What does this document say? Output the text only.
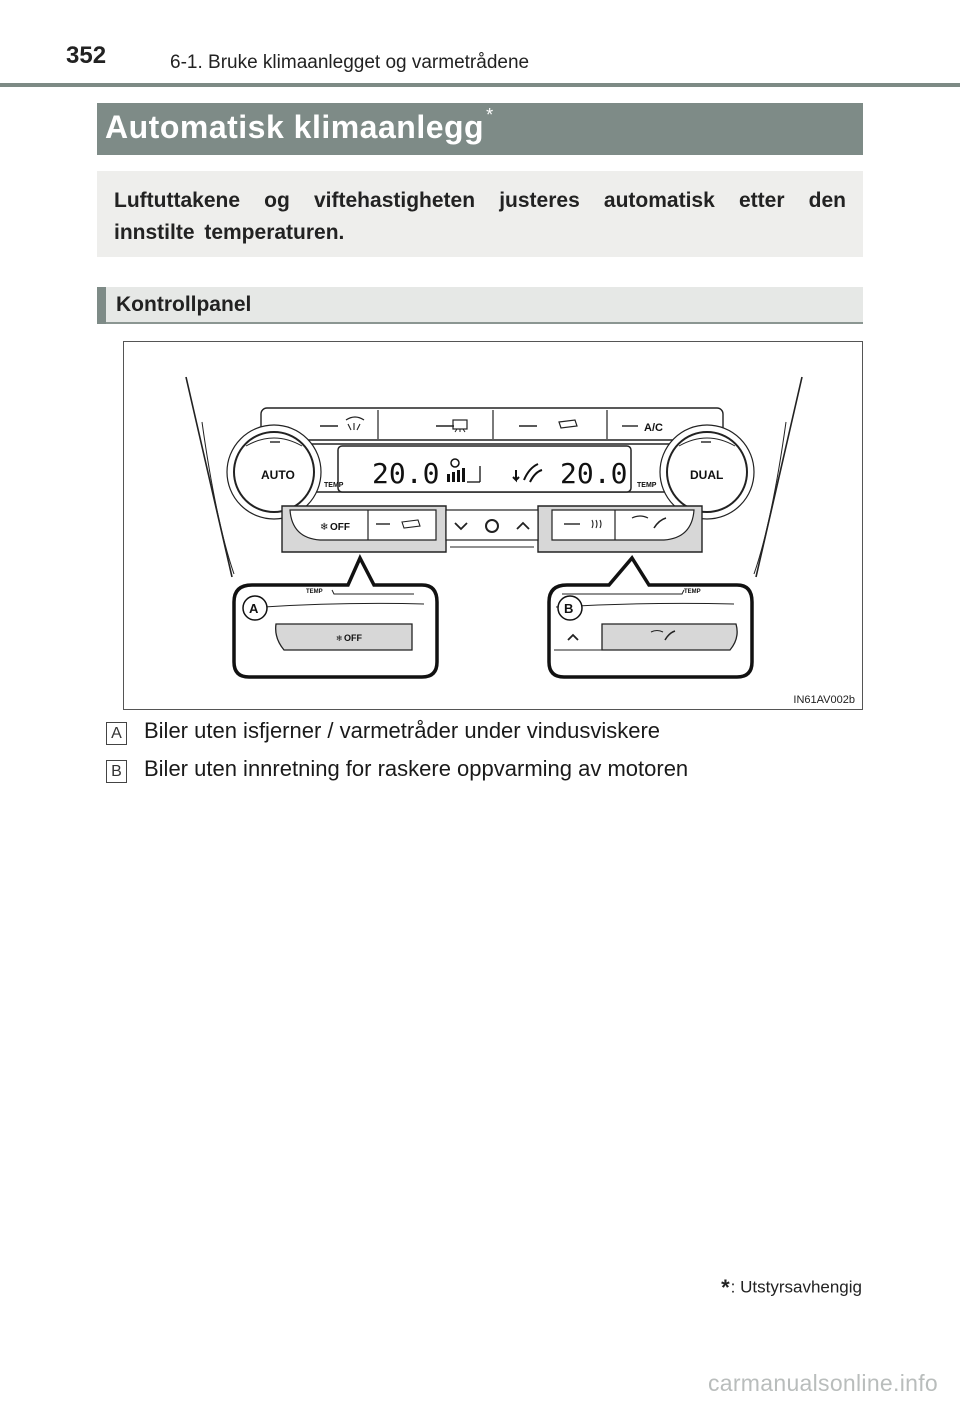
352	6-1. Bruke klimaanlegget og varmetrådene
Automatisk klimaanlegg *

Luftuttakene og viftehastigheten justeres automatisk etter den innstilte temperaturen.

Kontrollpanel
A/C
AUTO
TEMP
DUAL
TEMP
20.0	20.0
OFF
❄
TEMP
A
❄ OFF
TEMP
B
IN61AV002b
A Biler uten isfjerner / varmetråder under vindusviskere
B Biler uten innretning for raskere oppvarming av motoren
*: Utstyrsavhengig
carmanualsonline.info
